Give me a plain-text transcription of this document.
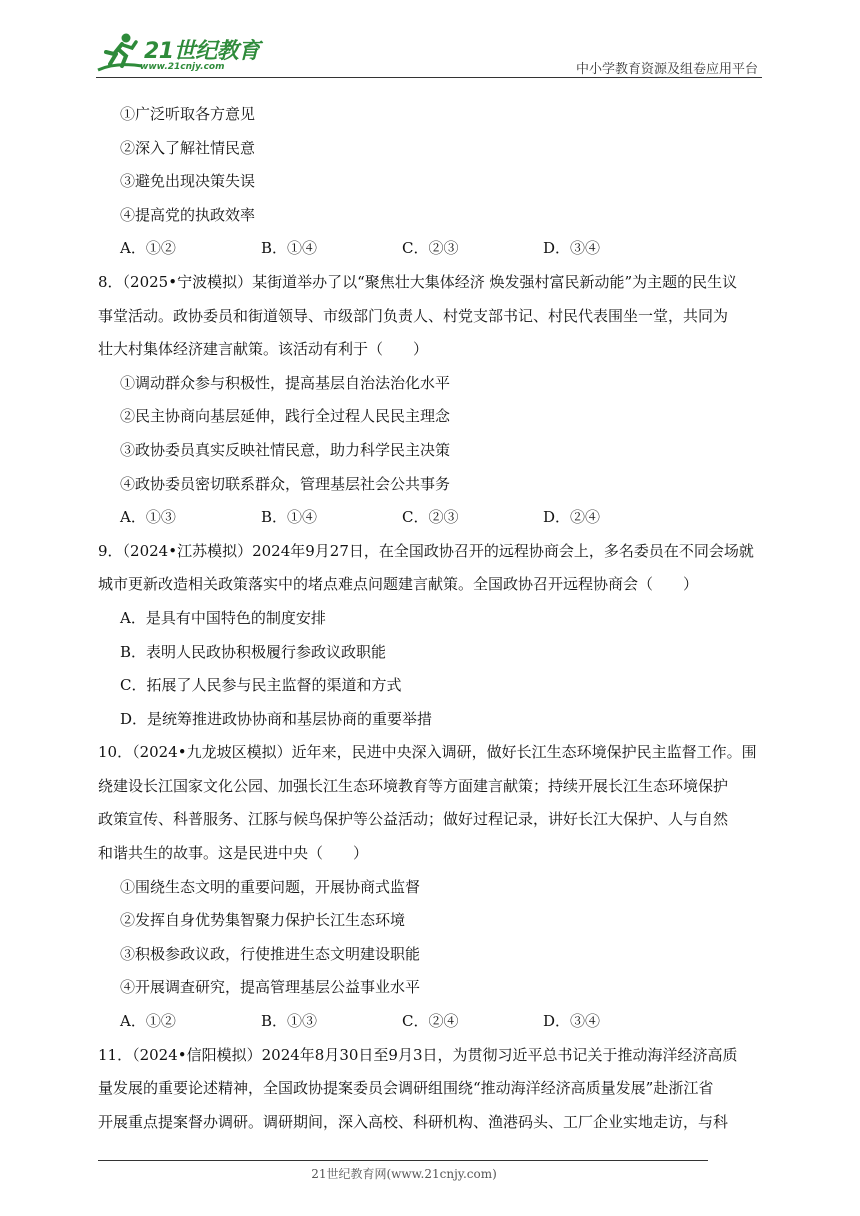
21世纪教育
www.21cnjy.com	中小学教育资源及组卷应用平台
①广泛听取各方意见
②深入了解社情民意
③避免出现决策失误
④提高党的执政效率
A．①②	B．①④	C．②③	D．③④
8．（2025•宁波模拟）某街道举办了以“聚焦壮大集体经济 焕发强村富民新动能”为主题的民生议
事堂活动。政协委员和街道领导、市级部门负责人、村党支部书记、村民代表围坐一堂，共同为
壮大村集体经济建言献策。该活动有利于（　　）
①调动群众参与积极性，提高基层自治法治化水平
②民主协商向基层延伸，践行全过程人民民主理念
③政协委员真实反映社情民意，助力科学民主决策
④政协委员密切联系群众，管理基层社会公共事务
A．①③	B．①④	C．②③	D．②④
9．（2024•江苏模拟）2024年9月27日，在全国政协召开的远程协商会上，多名委员在不同会场就
城市更新改造相关政策落实中的堵点难点问题建言献策。全国政协召开远程协商会（　　）
A．是具有中国特色的制度安排
B．表明人民政协积极履行参政议政职能
C．拓展了人民参与民主监督的渠道和方式
D．是统筹推进政协协商和基层协商的重要举措
10．（2024•九龙坡区模拟）近年来，民进中央深入调研，做好长江生态环境保护民主监督工作。围
绕建设长江国家文化公园、加强长江生态环境教育等方面建言献策；持续开展长江生态环境保护
政策宣传、科普服务、江豚与候鸟保护等公益活动；做好过程记录，讲好长江大保护、人与自然
和谐共生的故事。这是民进中央（　　）
①围绕生态文明的重要问题，开展协商式监督
②发挥自身优势集智聚力保护长江生态环境
③积极参政议政，行使推进生态文明建设职能
④开展调查研究，提高管理基层公益事业水平
A．①②	B．①③	C．②④	D．③④
11．（2024•信阳模拟）2024年8月30日至9月3日，为贯彻习近平总书记关于推动海洋经济高质
量发展的重要论述精神，全国政协提案委员会调研组围绕“推动海洋经济高质量发展”赴浙江省
开展重点提案督办调研。调研期间，深入高校、科研机构、渔港码头、工厂企业实地走访，与科
21世纪教育网(www.21cnjy.com)
